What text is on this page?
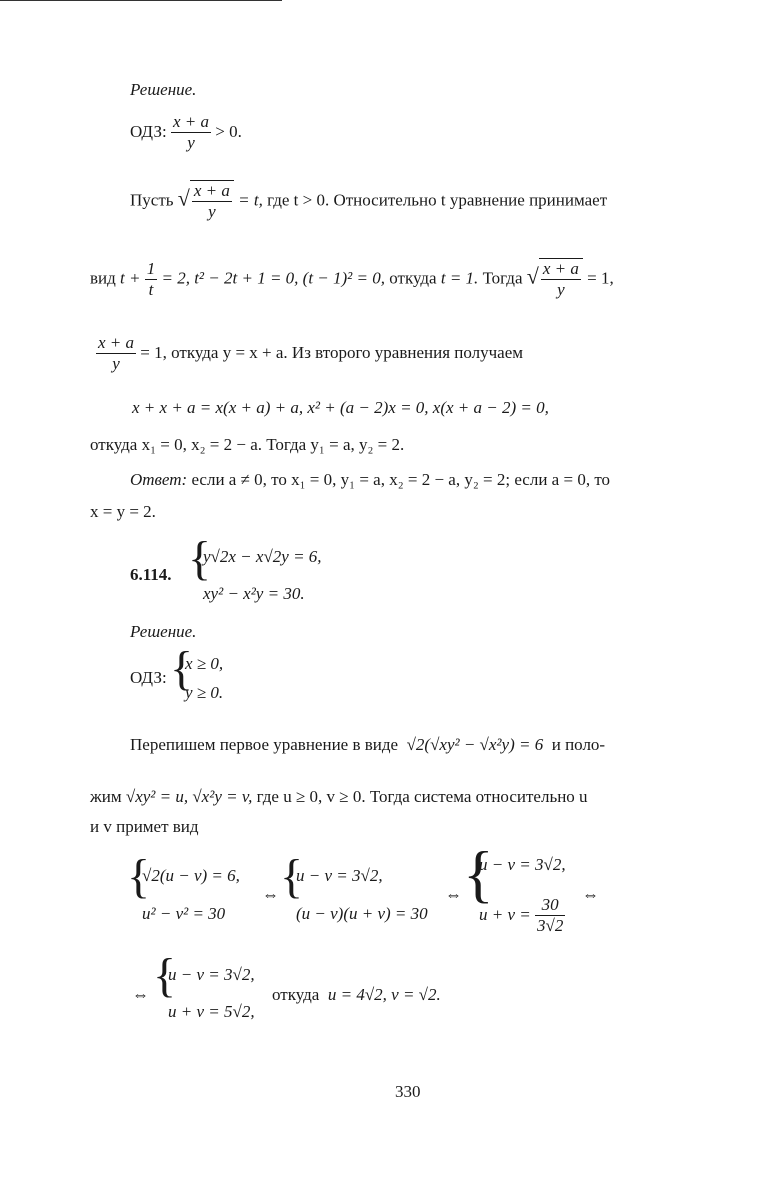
Решение.
ОДЗ: $\frac{x + a}{y} > 0$.
Пусть √ $\frac{x + a}{y} = t$, где t > 0. Относительно t уравнение принимает
вид $t + \frac{1}{t} = 2$, t² − 2t + 1 = 0, (t − 1)² = 0, откуда t = 1. Тогда √ $\frac{x + a}{y} = 1$,
$\frac{x + a}{y} = 1$, откуда y = x + a. Из второго уравнения получаем
x + x + a = x(x + a) + a, x² + (a − 2)x = 0, x(x + a − 2) = 0,
откуда x₁ = 0, x₂ = 2 − a. Тогда y₁ = a, y₂ = 2.
Ответ: если a ≠ 0, то x₁ = 0, y₁ = a, x₂ = 2 − a, y₂ = 2; если a = 0, то
x = y = 2.
6.114. {
y√2x − x√2y = 6,
xy² − x²y = 30.
Решение.
ОДЗ: {
x ≥ 0,
y ≥ 0.
Перепишем первое уравнение в виде √2(√xy² − √x²y) = 6 и поло-
жим √xy² = u, √x²y = v, где u ≥ 0, v ≥ 0. Тогда система относительно u
и v примет вид
{
√2(u − v) = 6,
u² − v² = 30
⇔ {
u − v = 3√2,
(u − v)(u + v) = 30
⇔ {
u − v = 3√2,
$u + v = \frac{30}{3√2}$
⇔
⇔ {
u − v = 3√2,
u + v = 5√2,
откуда u = 4√2, v = √2.
330
